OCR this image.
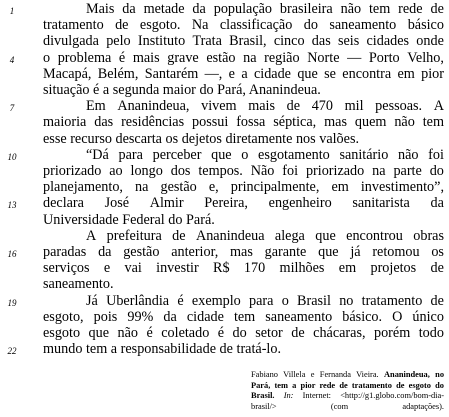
1
4
7
10
13
16
19
22
Mais da metade da população brasileira não tem rede de
tratamento de esgoto. Na classificação do saneamento básico
divulgada pelo Instituto Trata Brasil, cinco das seis cidades onde
o problema é mais grave estão na região Norte — Porto Velho,
Macapá, Belém, Santarém —, e a cidade que se encontra em pior
situação é a segunda maior do Pará, Ananindeua.
Em Ananindeua, vivem mais de 470 mil pessoas. A
maioria das residências possui fossa séptica, mas quem não tem
esse recurso descarta os dejetos diretamente nos valões.
“Dá para perceber que o esgotamento sanitário não foi
priorizado ao longo dos tempos. Não foi priorizado na parte do
planejamento, na gestão e, principalmente, em investimento”,
declara José Almir Pereira, engenheiro sanitarista da
Universidade Federal do Pará.
A prefeitura de Ananindeua alega que encontrou obras
paradas da gestão anterior, mas garante que já retomou os
serviços e vai investir R$ 170 milhões em projetos de
saneamento.
Já Uberlândia é exemplo para o Brasil no tratamento de
esgoto, pois 99% da cidade tem saneamento básico. O único
esgoto que não é coletado é do setor de chácaras, porém todo
mundo tem a responsabilidade de tratá-lo.
Fabiano Villela e Fernanda Vieira. Ananindeua, no Pará, tem a pior rede de tratamento de esgoto do Brasil. In: Internet: <http://g1.globo.com/bom-dia-brasil/>	(com adaptações).
